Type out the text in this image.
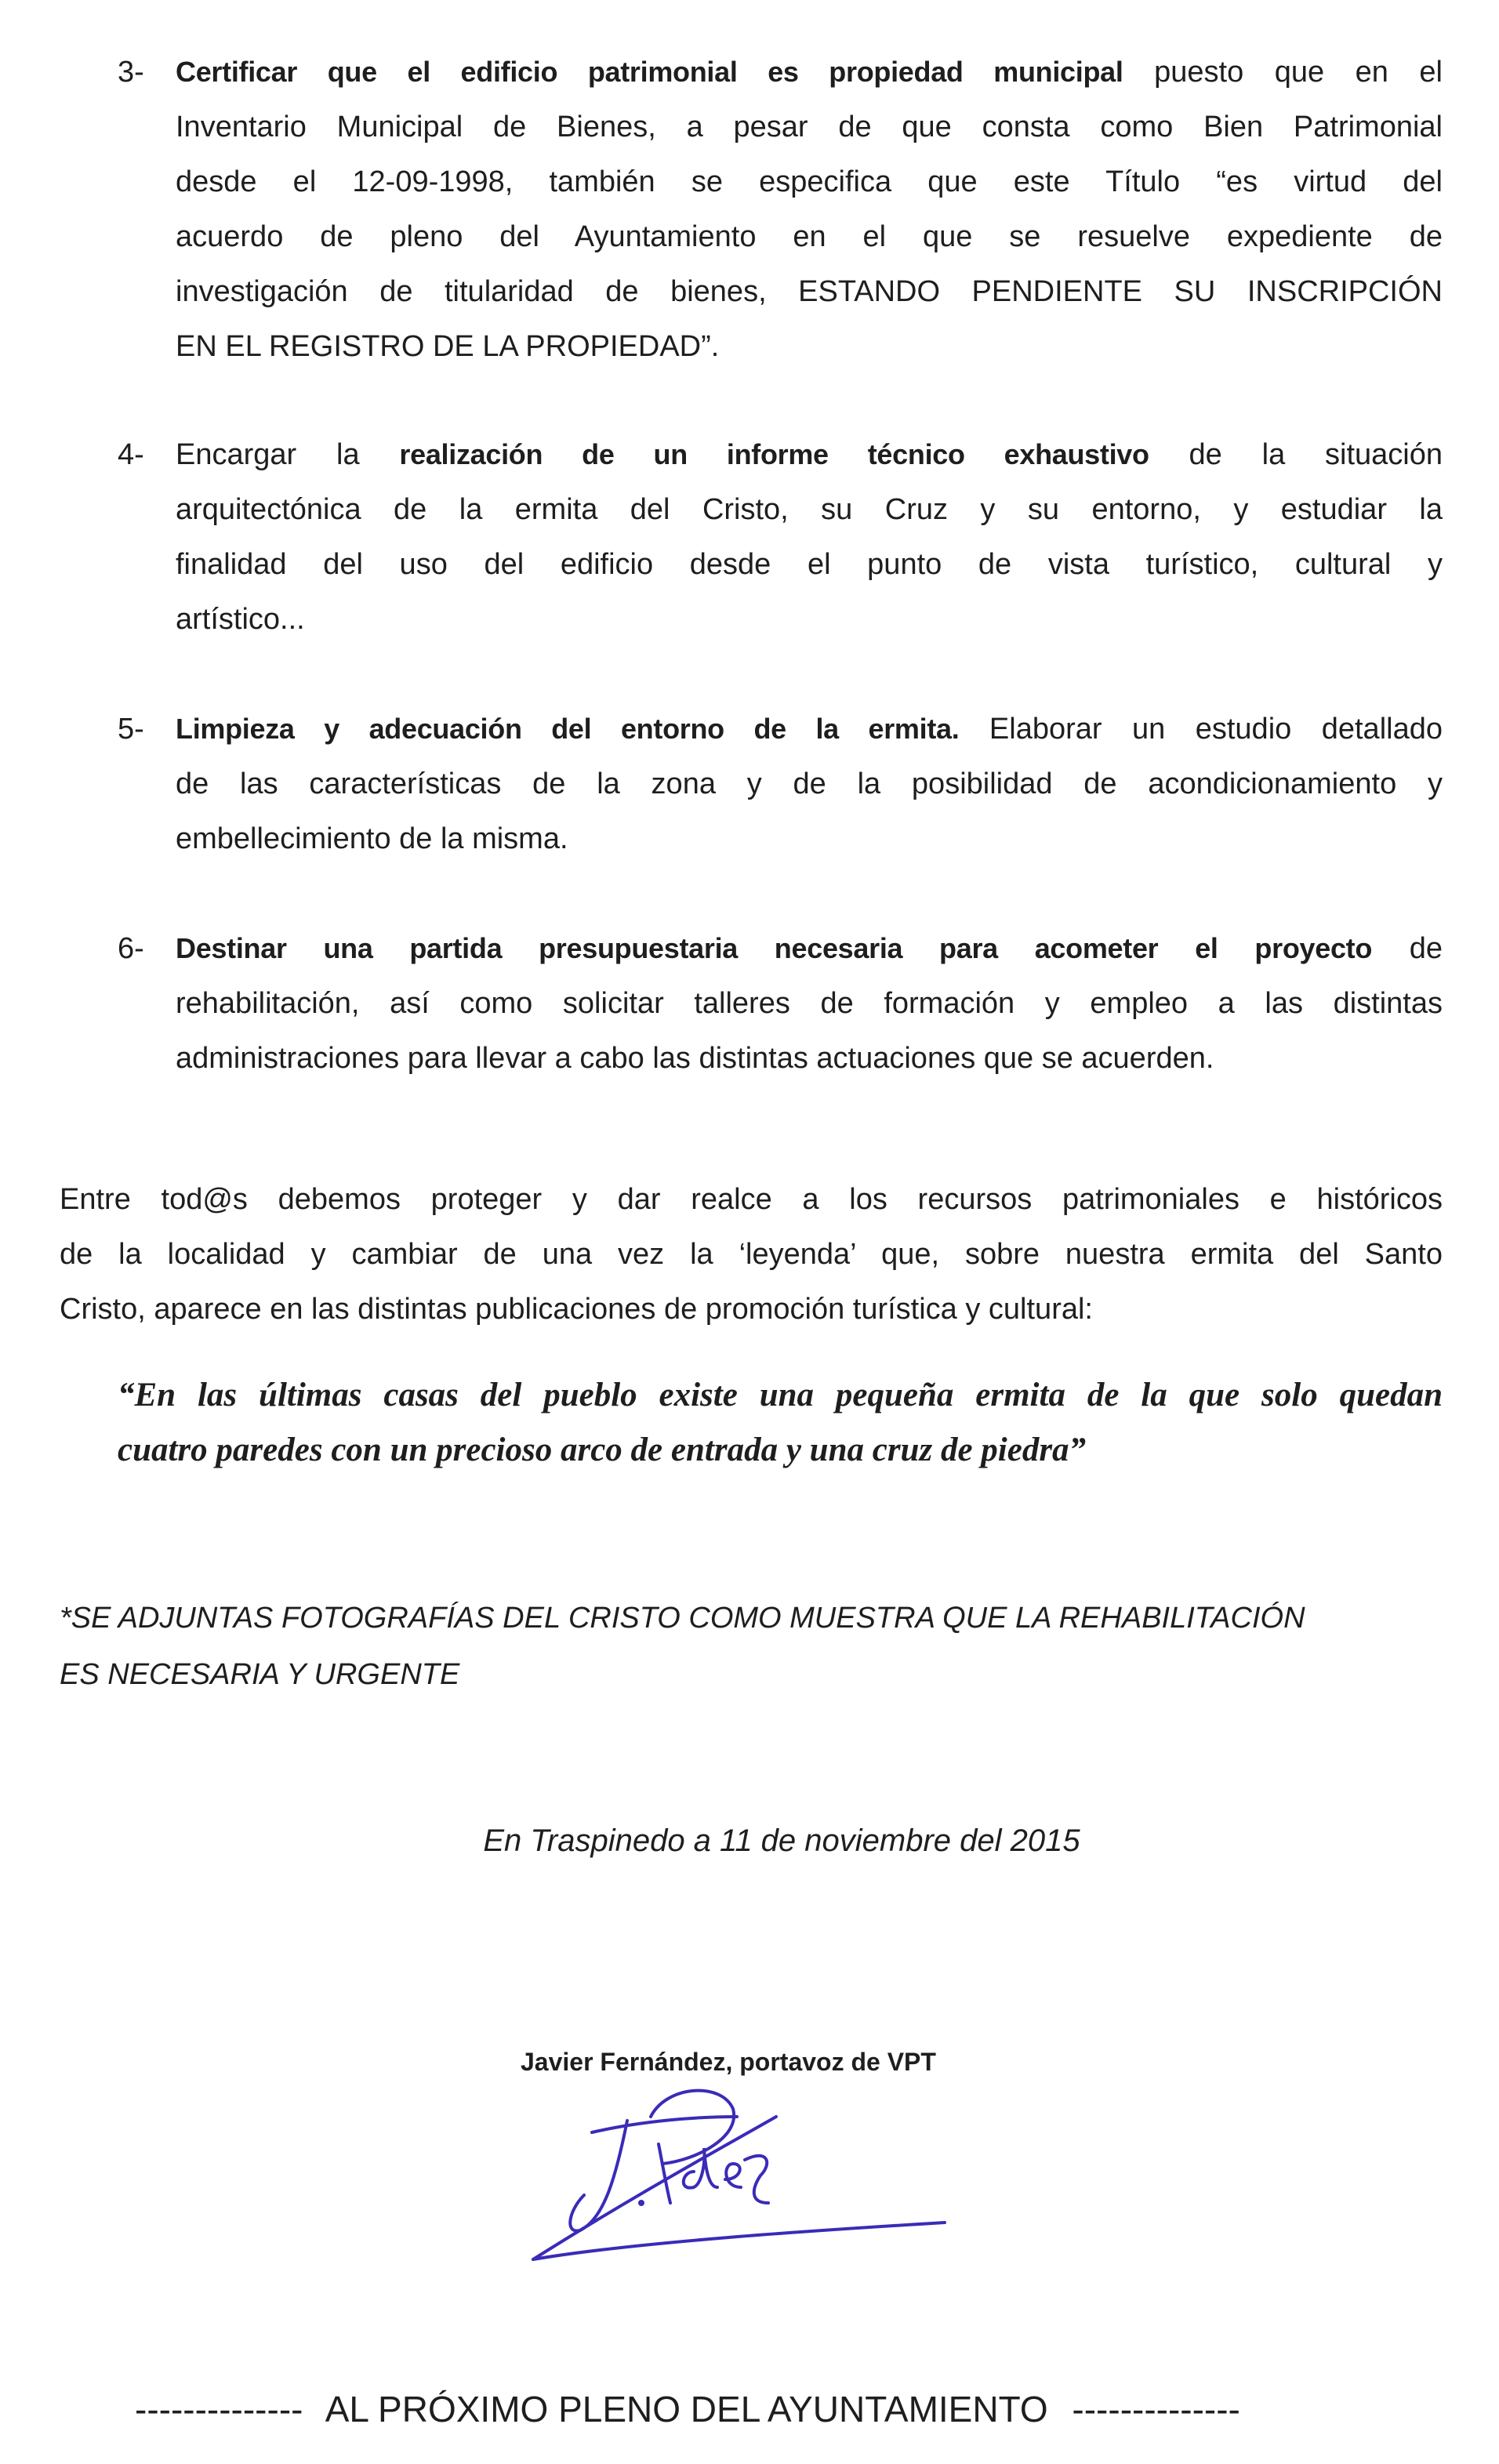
3- Certificar que el edificio patrimonial es propiedad municipal puesto que en el
Inventario Municipal de Bienes, a pesar de que consta como Bien Patrimonial
desde el 12-09-1998, también se especifica que este Título “es virtud del
acuerdo de pleno del Ayuntamiento en el que se resuelve expediente de
investigación de titularidad de bienes, ESTANDO PENDIENTE SU INSCRIPCIÓN
EN EL REGISTRO DE LA PROPIEDAD”.
4- Encargar la realización de un informe técnico exhaustivo de la situación
arquitectónica de la ermita del Cristo, su Cruz y su entorno, y estudiar la
finalidad del uso del edificio desde el punto de vista turístico, cultural y
artístico...
5- Limpieza y adecuación del entorno de la ermita. Elaborar un estudio detallado
de las características de la zona y de la posibilidad de acondicionamiento y
embellecimiento de la misma.
6- Destinar una partida presupuestaria necesaria para acometer el proyecto de
rehabilitación, así como solicitar talleres de formación y empleo a las distintas
administraciones para llevar a cabo las distintas actuaciones que se acuerden.
Entre tod@s debemos proteger y dar realce a los recursos patrimoniales e históricos
de la localidad y cambiar de una vez la ‘leyenda’ que, sobre nuestra ermita del Santo
Cristo, aparece en las distintas publicaciones de promoción turística y cultural:
“En las últimas casas del pueblo existe una pequeña ermita de la que solo quedan
cuatro paredes con un precioso arco de entrada y una cruz de piedra”
*SE ADJUNTAS FOTOGRAFÍAS DEL CRISTO COMO MUESTRA QUE LA REHABILITACIÓN
ES NECESARIA Y URGENTE
En Traspinedo a 11 de noviembre del 2015
Javier Fernández, portavoz de VPT
-------------- AL PRÓXIMO PLENO DEL AYUNTAMIENTO --------------
